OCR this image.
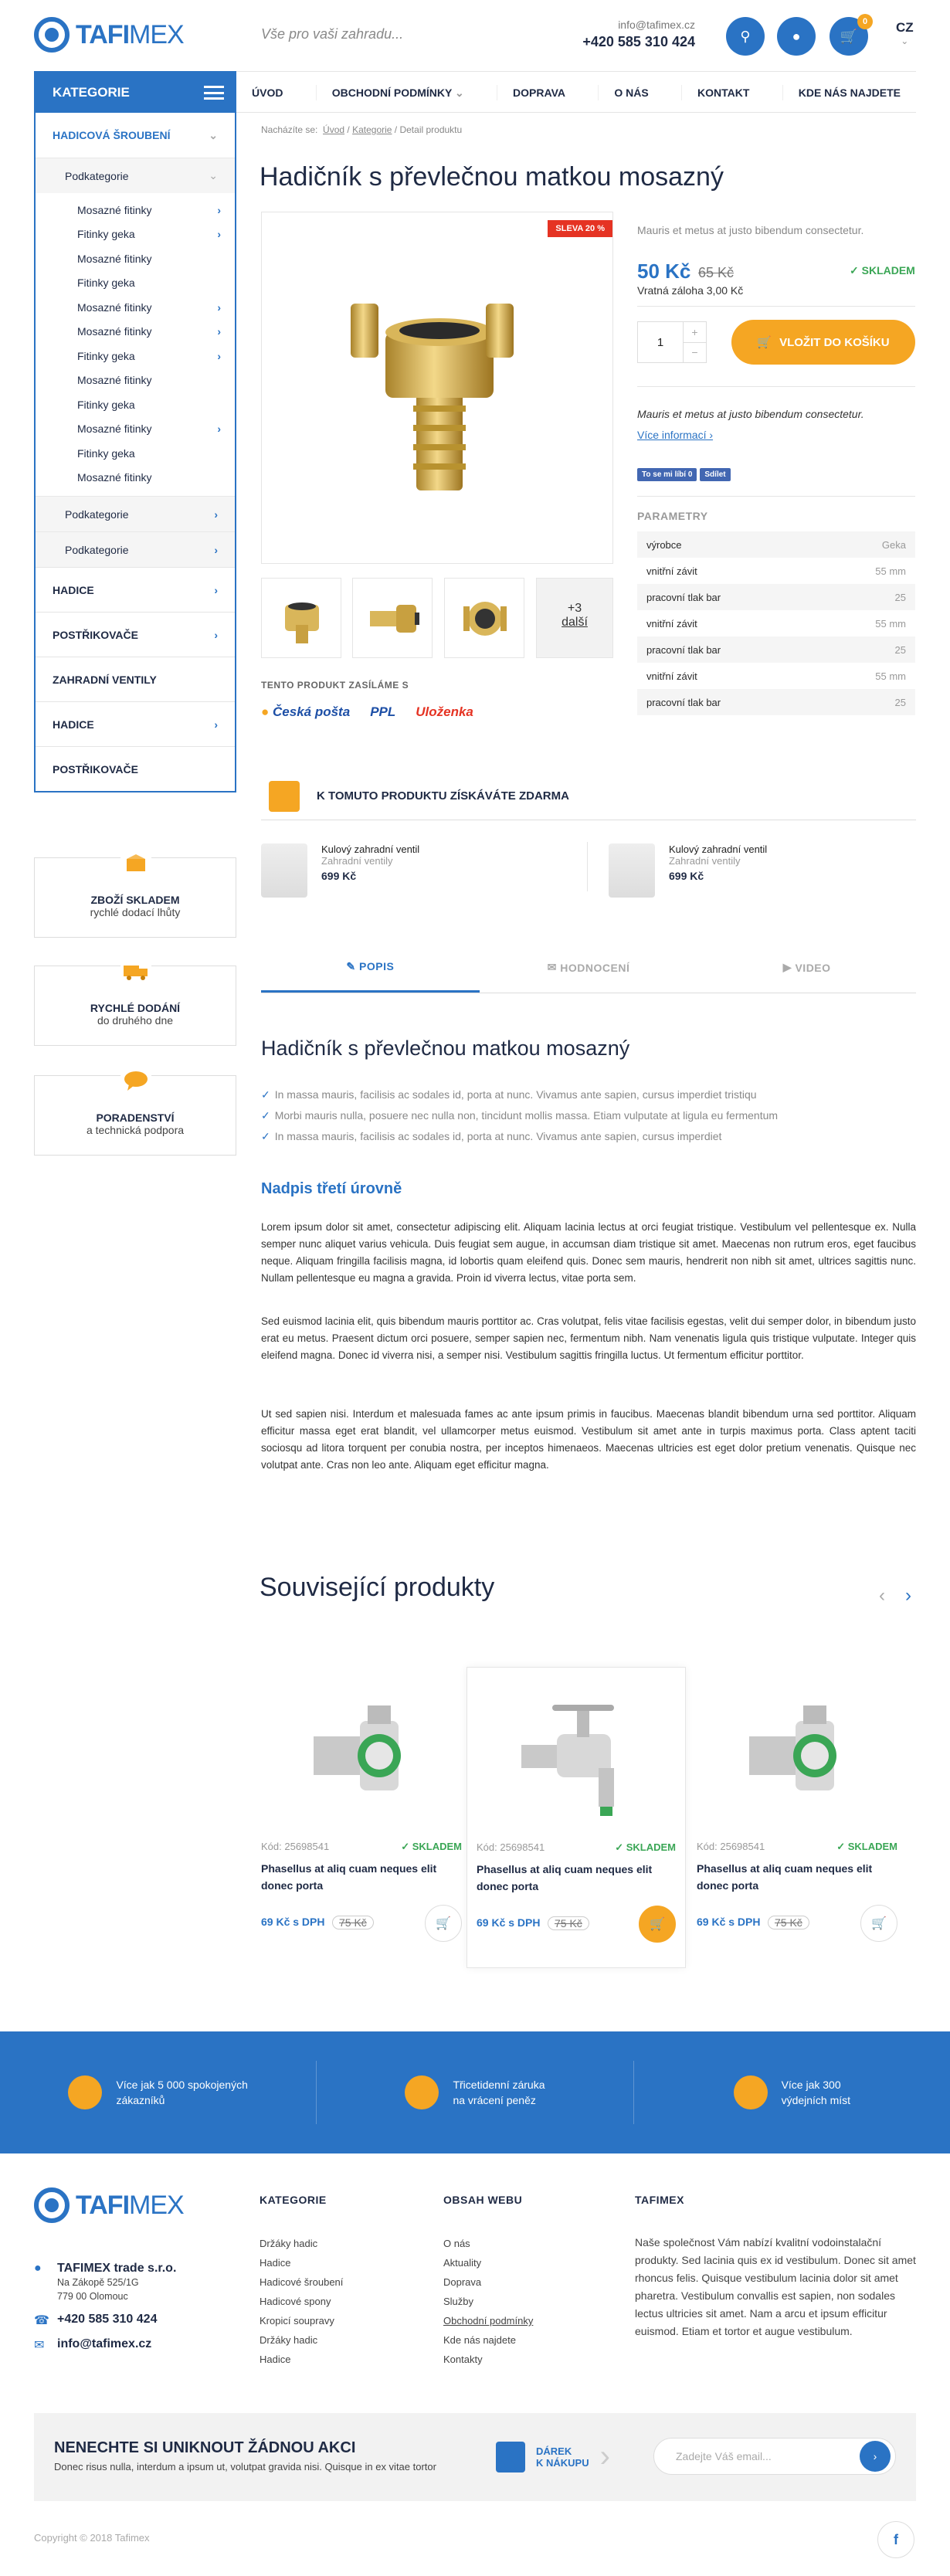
TAFIMEX	Vše pro vaši zahradu...
info@tafimex.cz
+420 585 310 424	⚲	●	🛒
0	CZ
⌄
ÚVOD	OBCHODNÍ PODMÍNKY ⌄	DOPRAVA	O NÁS	KONTAKT	KDE NÁS NAJDETE
KATEGORIE
HADICOVÁ ŠROUBENÍ	⌄
Podkategorie	⌄
Mosazné fitinky	›
Fitinky geka	›
Mosazné fitinky
Fitinky geka
Mosazné fitinky	›
Mosazné fitinky	›
Fitinky geka	›
Mosazné fitinky
Fitinky geka
Mosazné fitinky	›
Fitinky geka
Mosazné fitinky
Podkategorie	›
Podkategorie	›
HADICE	›
POSTŘIKOVAČE	›
ZAHRADNÍ VENTILY
HADICE	›
POSTŘIKOVAČE
ZBOŽÍ SKLADEM
rychlé dodací lhůty
RYCHLÉ DODÁNÍ
do druhého dne
PORADENSTVÍ
a technická podpora
Nacházíte se: Úvod / Kategorie / Detail produktu
Hadičník s převlečnou matkou mosazný
SLEVA 20 %
+3
další
TENTO PRODUKT ZASÍLÁME S
● Česká pošta PPL Uloženka
Mauris et metus at justo bibendum consectetur.
50 Kč 65 Kč	✓ SKLADEM
Vratná záloha 3,00 Kč
1
+
−
🛒 VLOŽIT DO KOŠÍKU
Mauris et metus at justo bibendum consectetur.
Více informací ›
To se mi líbí 0	Sdílet
PARAMETRY
výrobce	Geka
vnitřní závit	55 mm
pracovní tlak bar	25
vnitřní závit	55 mm
pracovní tlak bar	25
vnitřní závit	55 mm
pracovní tlak bar	25
K TOMUTO PRODUKTU ZÍSKÁVÁTE ZDARMA
Kulový zahradní ventil
Zahradní ventily
699 Kč
Kulový zahradní ventil
Zahradní ventily
699 Kč
✎
POPIS	✉
HODNOCENÍ	▶
VIDEO
Hadičník s převlečnou matkou mosazný
✓ In massa mauris, facilisis ac sodales id, porta at nunc. Vivamus ante sapien, cursus imperdiet tristiqu
✓ Morbi mauris nulla, posuere nec nulla non, tincidunt mollis massa. Etiam vulputate at ligula eu fermentum
✓ In massa mauris, facilisis ac sodales id, porta at nunc. Vivamus ante sapien, cursus imperdiet
Nadpis třetí úrovně
Lorem ipsum dolor sit amet, consectetur adipiscing elit. Aliquam lacinia lectus at orci feugiat tristique. Vestibulum vel pellentesque ex. Nulla semper nunc aliquet varius vehicula. Duis feugiat sem augue, in accumsan diam tristique sit amet. Maecenas non rutrum eros, eget faucibus neque. Aliquam fringilla facilisis magna, id lobortis quam eleifend quis. Donec sem mauris, hendrerit non nibh sit amet, ultrices sagittis nunc. Nullam pellentesque eu magna a gravida. Proin id viverra lectus, vitae porta sem.
Sed euismod lacinia elit, quis bibendum mauris porttitor ac. Cras volutpat, felis vitae facilisis egestas, velit dui semper dolor, in bibendum justo erat eu metus. Praesent dictum orci posuere, semper sapien nec, fermentum nibh. Nam venenatis ligula quis tristique vulputate. Integer quis eleifend magna. Donec id viverra nisi, a semper nisi. Vestibulum sagittis fringilla luctus. Ut fermentum efficitur porttitor.
Ut sed sapien nisi. Interdum et malesuada fames ac ante ipsum primis in faucibus. Maecenas blandit bibendum urna sed porttitor. Aliquam efficitur massa eget erat blandit, vel ullamcorper metus euismod. Vestibulum sit amet ante in turpis maximus porta. Class aptent taciti sociosqu ad litora torquent per conubia nostra, per inceptos himenaeos. Maecenas ultricies est eget dolor pretium venenatis. Quisque nec volutpat ante. Cras non leo ante. Aliquam eget efficitur magna.
Související produkty	‹ ›
Kód: 25698541	✓ SKLADEM
Phasellus at aliq cuam neques elit donec porta
69 Kč s DPH	75 Kč	🛒
Kód: 25698541	✓ SKLADEM
Phasellus at aliq cuam neques elit donec porta
69 Kč s DPH	75 Kč	🛒
Kód: 25698541	✓ SKLADEM
Phasellus at aliq cuam neques elit donec porta
69 Kč s DPH	75 Kč	🛒
Více jak 5 000 spokojených
zákazníků
Třicetidenní záruka
na vrácení peněz
Více jak 300
výdejních míst
TAFIMEX
●	TAFIMEX trade s.r.o.
Na Zákopě 525/1G
779 00 Olomouc
☎ +420 585 310 424
✉ info@tafimex.cz
KATEGORIE
Držáky hadic
Hadice
Hadicové šroubení
Hadicové spony
Kropicí soupravy
Držáky hadic
Hadice
OBSAH WEBU
O nás
Aktuality
Doprava
Služby
Obchodní podmínky
Kde nás najdete
Kontakty
TAFIMEX

Naše společnost Vám nabízí kvalitní vodoinstalační produkty. Sed lacinia quis ex id vestibulum. Donec sit amet rhoncus felis. Quisque vestibulum lacinia dolor sit amet pharetra. Vestibulum convallis est sapien, non sodales lectus ultricies sit amet. Nam a arcu et ipsum efficitur euismod. Etiam et tortor et augue vestibulum.

NENECHTE SI UNIKNOUT ŽÁDNOU AKCI
Donec risus nulla, interdum a ipsum ut, volutpat gravida nisi. Quisque in ex vitae tortor
DÁREK
K NÁKUPU ›	Zadejte Váš email...	›
Copyright © 2018 Tafimex	f
